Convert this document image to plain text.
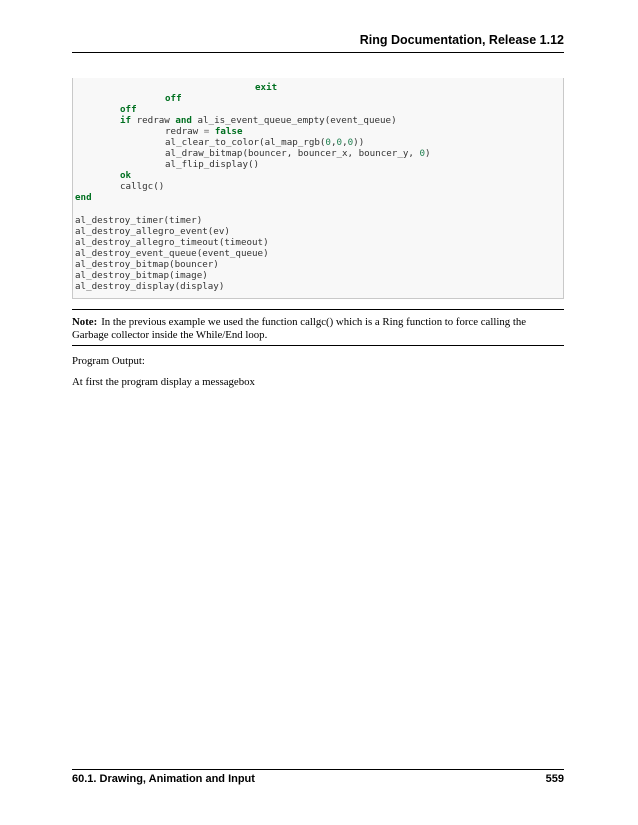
Ring Documentation, Release 1.12
exit
off
off
if redraw and al_is_event_queue_empty(event_queue)
redraw = false
al_clear_to_color(al_map_rgb(0,0,0))
al_draw_bitmap(bouncer, bouncer_x, bouncer_y, 0)
al_flip_display()
ok
callgc()
end
al_destroy_timer(timer)
al_destroy_allegro_event(ev)
al_destroy_allegro_timeout(timeout)
al_destroy_event_queue(event_queue)
al_destroy_bitmap(bouncer)
al_destroy_bitmap(image)
al_destroy_display(display)
Note: In the previous example we used the function callgc() which is a Ring function to force calling the Garbage collector inside the While/End loop.
Program Output:
At first the program display a messagebox
60.1. Drawing, Animation and Input	559
